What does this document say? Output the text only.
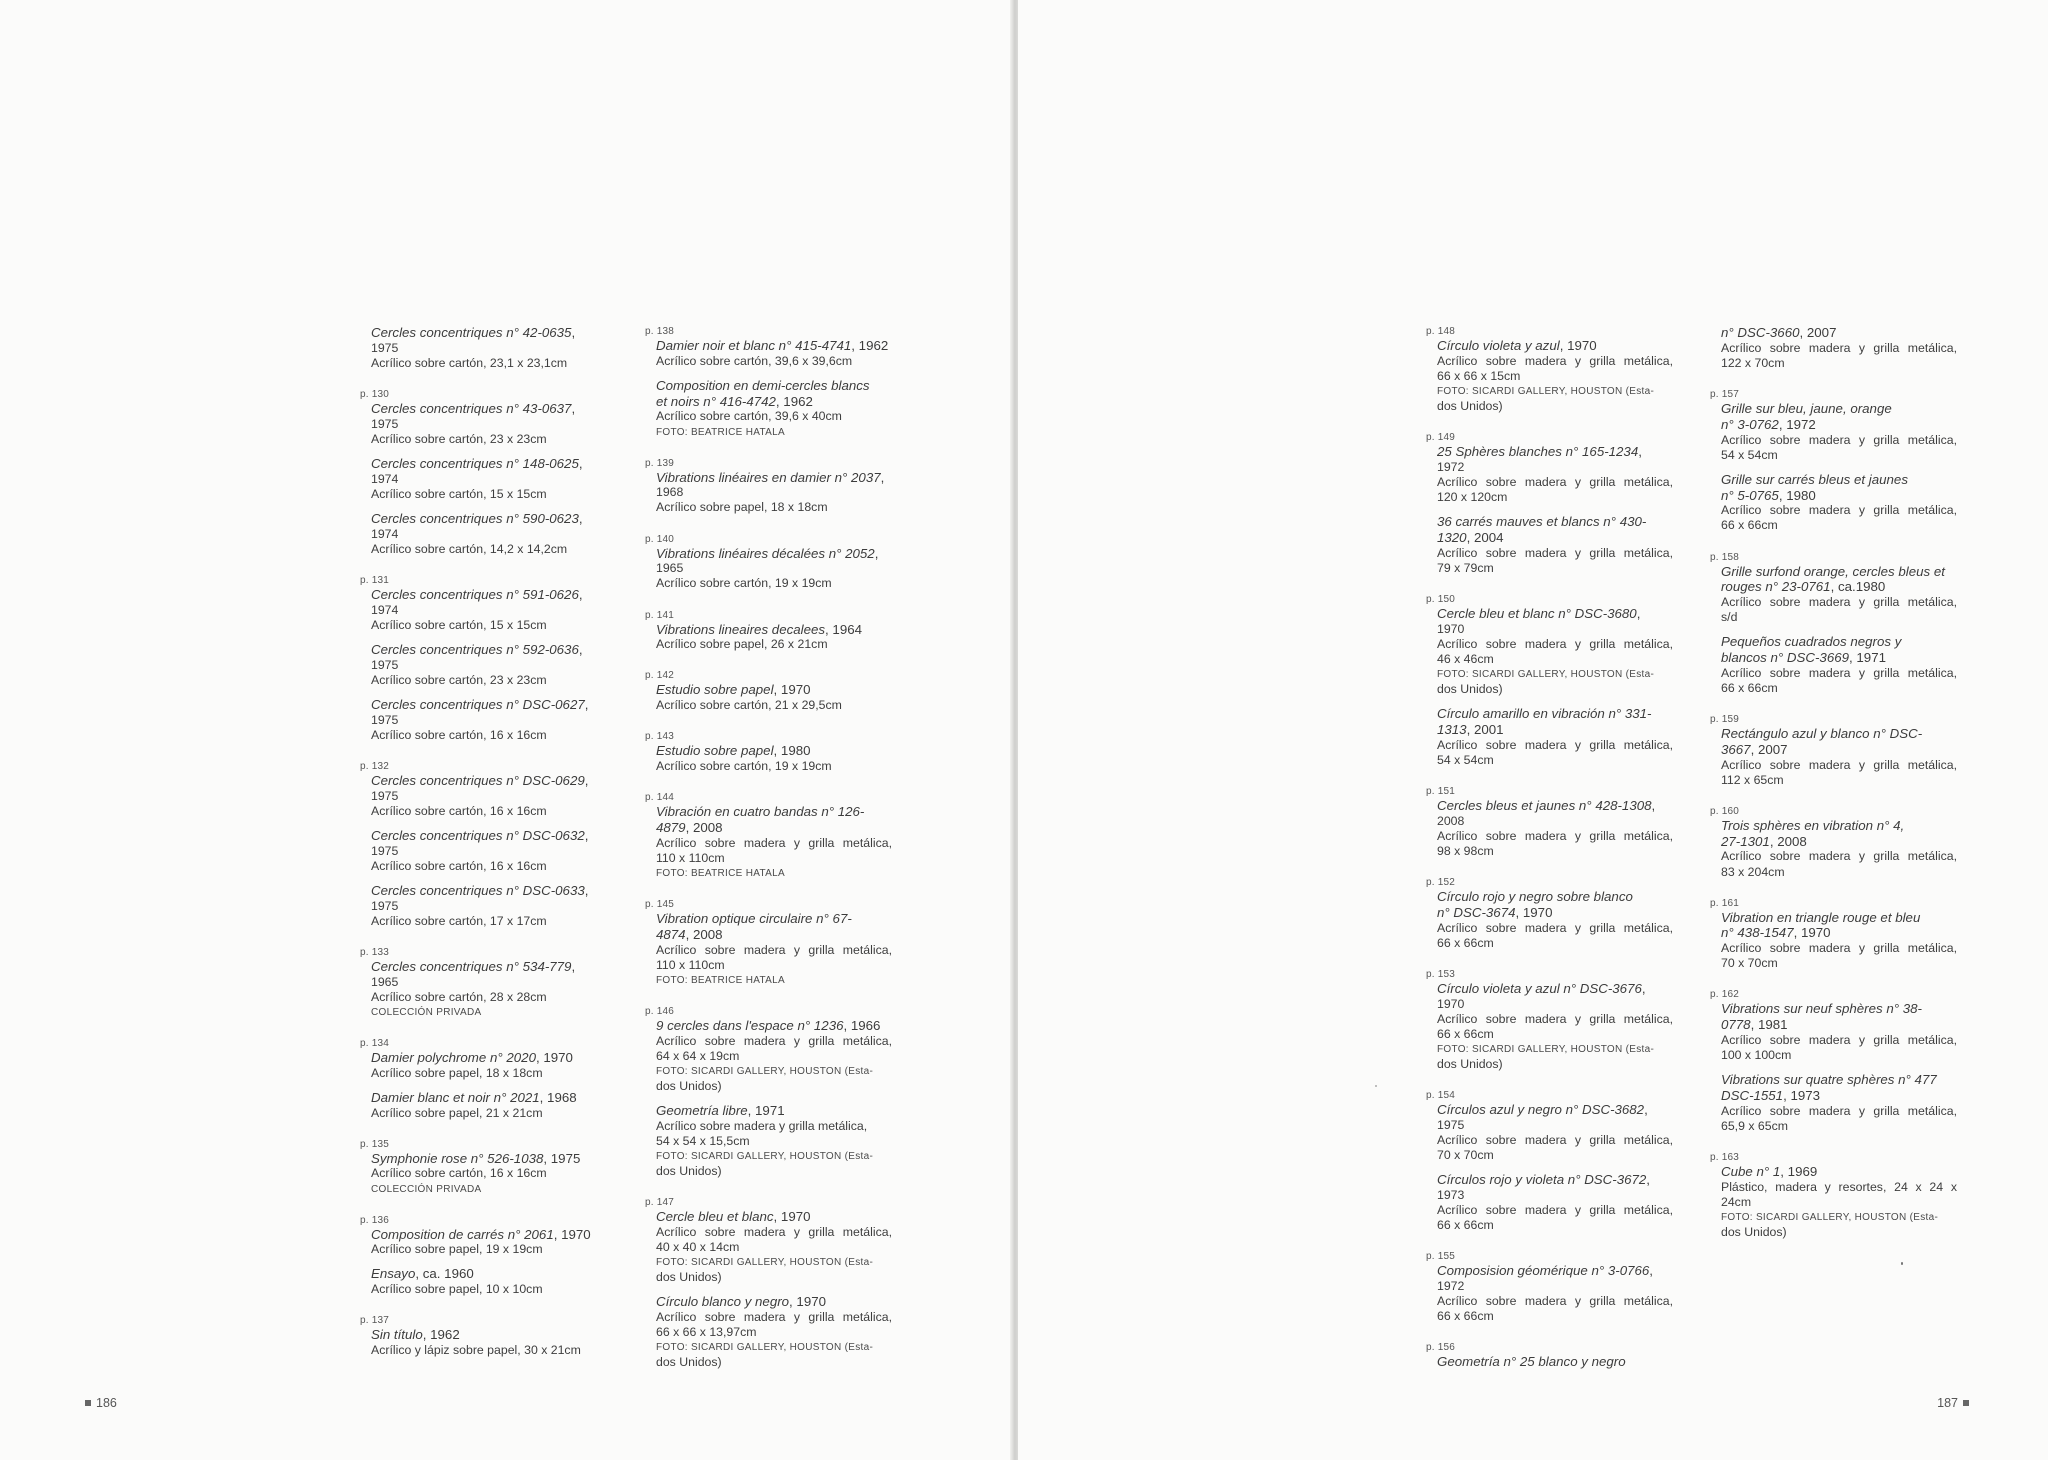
Cercles concentriques n° 42-0635,
1975
Acrílico sobre cartón, 23,1 x 23,1cm
p. 130
Cercles concentriques n° 43-0637,
1975
Acrílico sobre cartón, 23 x 23cm
Cercles concentriques n° 148-0625,
1974
Acrílico sobre cartón, 15 x 15cm
Cercles concentriques n° 590-0623,
1974
Acrílico sobre cartón, 14,2 x 14,2cm
p. 131
Cercles concentriques n° 591-0626,
1974
Acrílico sobre cartón, 15 x 15cm
Cercles concentriques n° 592-0636,
1975
Acrílico sobre cartón, 23 x 23cm
Cercles concentriques n° DSC-0627,
1975
Acrílico sobre cartón, 16 x 16cm
p. 132
Cercles concentriques n° DSC-0629,
1975
Acrílico sobre cartón, 16 x 16cm
Cercles concentriques n° DSC-0632,
1975
Acrílico sobre cartón, 16 x 16cm
Cercles concentriques n° DSC-0633,
1975
Acrílico sobre cartón, 17 x 17cm
p. 133
Cercles concentriques n° 534-779,
1965
Acrílico sobre cartón, 28 x 28cm
COLECCIÓN PRIVADA
p. 134
Damier polychrome n° 2020, 1970
Acrílico sobre papel, 18 x 18cm
Damier blanc et noir n° 2021, 1968
Acrílico sobre papel, 21 x 21cm
p. 135
Symphonie rose n° 526-1038, 1975
Acrílico sobre cartón, 16 x 16cm
COLECCIÓN PRIVADA
p. 136
Composition de carrés n° 2061, 1970
Acrílico sobre papel, 19 x 19cm
Ensayo, ca. 1960
Acrílico sobre papel, 10 x 10cm
p. 137
Sin título, 1962
Acrílico y lápiz sobre papel, 30 x 21cm
p. 138
Damier noir et blanc n° 415-4741, 1962
Acrílico sobre cartón, 39,6 x 39,6cm
Composition en demi-cercles blancs
et noirs n° 416-4742, 1962
Acrílico sobre cartón, 39,6 x 40cm
FOTO: BEATRICE HATALA
p. 139
Vibrations linéaires en damier n° 2037,
1968
Acrílico sobre papel, 18 x 18cm
p. 140
Vibrations linéaires décalées n° 2052,
1965
Acrílico sobre cartón, 19 x 19cm
p. 141
Vibrations lineaires decalees, 1964
Acrílico sobre papel, 26 x 21cm
p. 142
Estudio sobre papel, 1970
Acrílico sobre cartón, 21 x 29,5cm
p. 143
Estudio sobre papel, 1980
Acrílico sobre cartón, 19 x 19cm
p. 144
Vibración en cuatro bandas n° 126-
4879, 2008
Acrílico sobre madera y grilla metálica,
110 x 110cm
FOTO: BEATRICE HATALA
p. 145
Vibration optique circulaire n° 67-
4874, 2008
Acrílico sobre madera y grilla metálica,
110 x 110cm
FOTO: BEATRICE HATALA
p. 146
9 cercles dans l'espace n° 1236, 1966
Acrílico sobre madera y grilla metálica,
64 x 64 x 19cm
FOTO: SICARDI GALLERY, HOUSTON (Esta-
dos Unidos)
Geometría libre, 1971
Acrílico sobre madera y grilla metálica,
54 x 54 x 15,5cm
FOTO: SICARDI GALLERY, HOUSTON (Esta-
dos Unidos)
p. 147
Cercle bleu et blanc, 1970
Acrílico sobre madera y grilla metálica,
40 x 40 x 14cm
FOTO: SICARDI GALLERY, HOUSTON (Esta-
dos Unidos)
Círculo blanco y negro, 1970
Acrílico sobre madera y grilla metálica,
66 x 66 x 13,97cm
FOTO: SICARDI GALLERY, HOUSTON (Esta-
dos Unidos)
186
p. 148
Círculo violeta y azul, 1970
Acrílico sobre madera y grilla metálica,
66 x 66 x 15cm
FOTO: SICARDI GALLERY, HOUSTON (Esta-
dos Unidos)
p. 149
25 Sphères blanches n° 165-1234,
1972
Acrílico sobre madera y grilla metálica,
120 x 120cm
36 carrés mauves et blancs n° 430-
1320, 2004
Acrílico sobre madera y grilla metálica,
79 x 79cm
p. 150
Cercle bleu et blanc n° DSC-3680,
1970
Acrílico sobre madera y grilla metálica,
46 x 46cm
FOTO: SICARDI GALLERY, HOUSTON (Esta-
dos Unidos)
Círculo amarillo en vibración n° 331-
1313, 2001
Acrílico sobre madera y grilla metálica,
54 x 54cm
p. 151
Cercles bleus et jaunes n° 428-1308,
2008
Acrílico sobre madera y grilla metálica,
98 x 98cm
p. 152
Círculo rojo y negro sobre blanco
n° DSC-3674, 1970
Acrílico sobre madera y grilla metálica,
66 x 66cm
p. 153
Círculo violeta y azul n° DSC-3676,
1970
Acrílico sobre madera y grilla metálica,
66 x 66cm
FOTO: SICARDI GALLERY, HOUSTON (Esta-
dos Unidos)
p. 154
Círculos azul y negro n° DSC-3682,
1975
Acrílico sobre madera y grilla metálica,
70 x 70cm
Círculos rojo y violeta n° DSC-3672,
1973
Acrílico sobre madera y grilla metálica,
66 x 66cm
p. 155
Composision géomérique n° 3-0766,
1972
Acrílico sobre madera y grilla metálica,
66 x 66cm
p. 156
Geometría n° 25 blanco y negro
n° DSC-3660, 2007
Acrílico sobre madera y grilla metálica,
122 x 70cm
p. 157
Grille sur bleu, jaune, orange
n° 3-0762, 1972
Acrílico sobre madera y grilla metálica,
54 x 54cm
Grille sur carrés bleus et jaunes
n° 5-0765, 1980
Acrílico sobre madera y grilla metálica,
66 x 66cm
p. 158
Grille surfond orange, cercles bleus et
rouges n° 23-0761, ca.1980
Acrílico sobre madera y grilla metálica,
s/d
Pequeños cuadrados negros y
blancos n° DSC-3669, 1971
Acrílico sobre madera y grilla metálica,
66 x 66cm
p. 159
Rectángulo azul y blanco n° DSC-
3667, 2007
Acrílico sobre madera y grilla metálica,
112 x 65cm
p. 160
Trois sphères en vibration n° 4,
27-1301, 2008
Acrílico sobre madera y grilla metálica,
83 x 204cm
p. 161
Vibration en triangle rouge et bleu
n° 438-1547, 1970
Acrílico sobre madera y grilla metálica,
70 x 70cm
p. 162
Vibrations sur neuf sphères n° 38-
0778, 1981
Acrílico sobre madera y grilla metálica,
100 x 100cm
Vibrations sur quatre sphères n° 477
DSC-1551, 1973
Acrílico sobre madera y grilla metálica,
65,9 x 65cm
p. 163
Cube n° 1, 1969
Plástico, madera y resortes, 24 x 24 x
24cm
FOTO: SICARDI GALLERY, HOUSTON (Esta-
dos Unidos)
187
